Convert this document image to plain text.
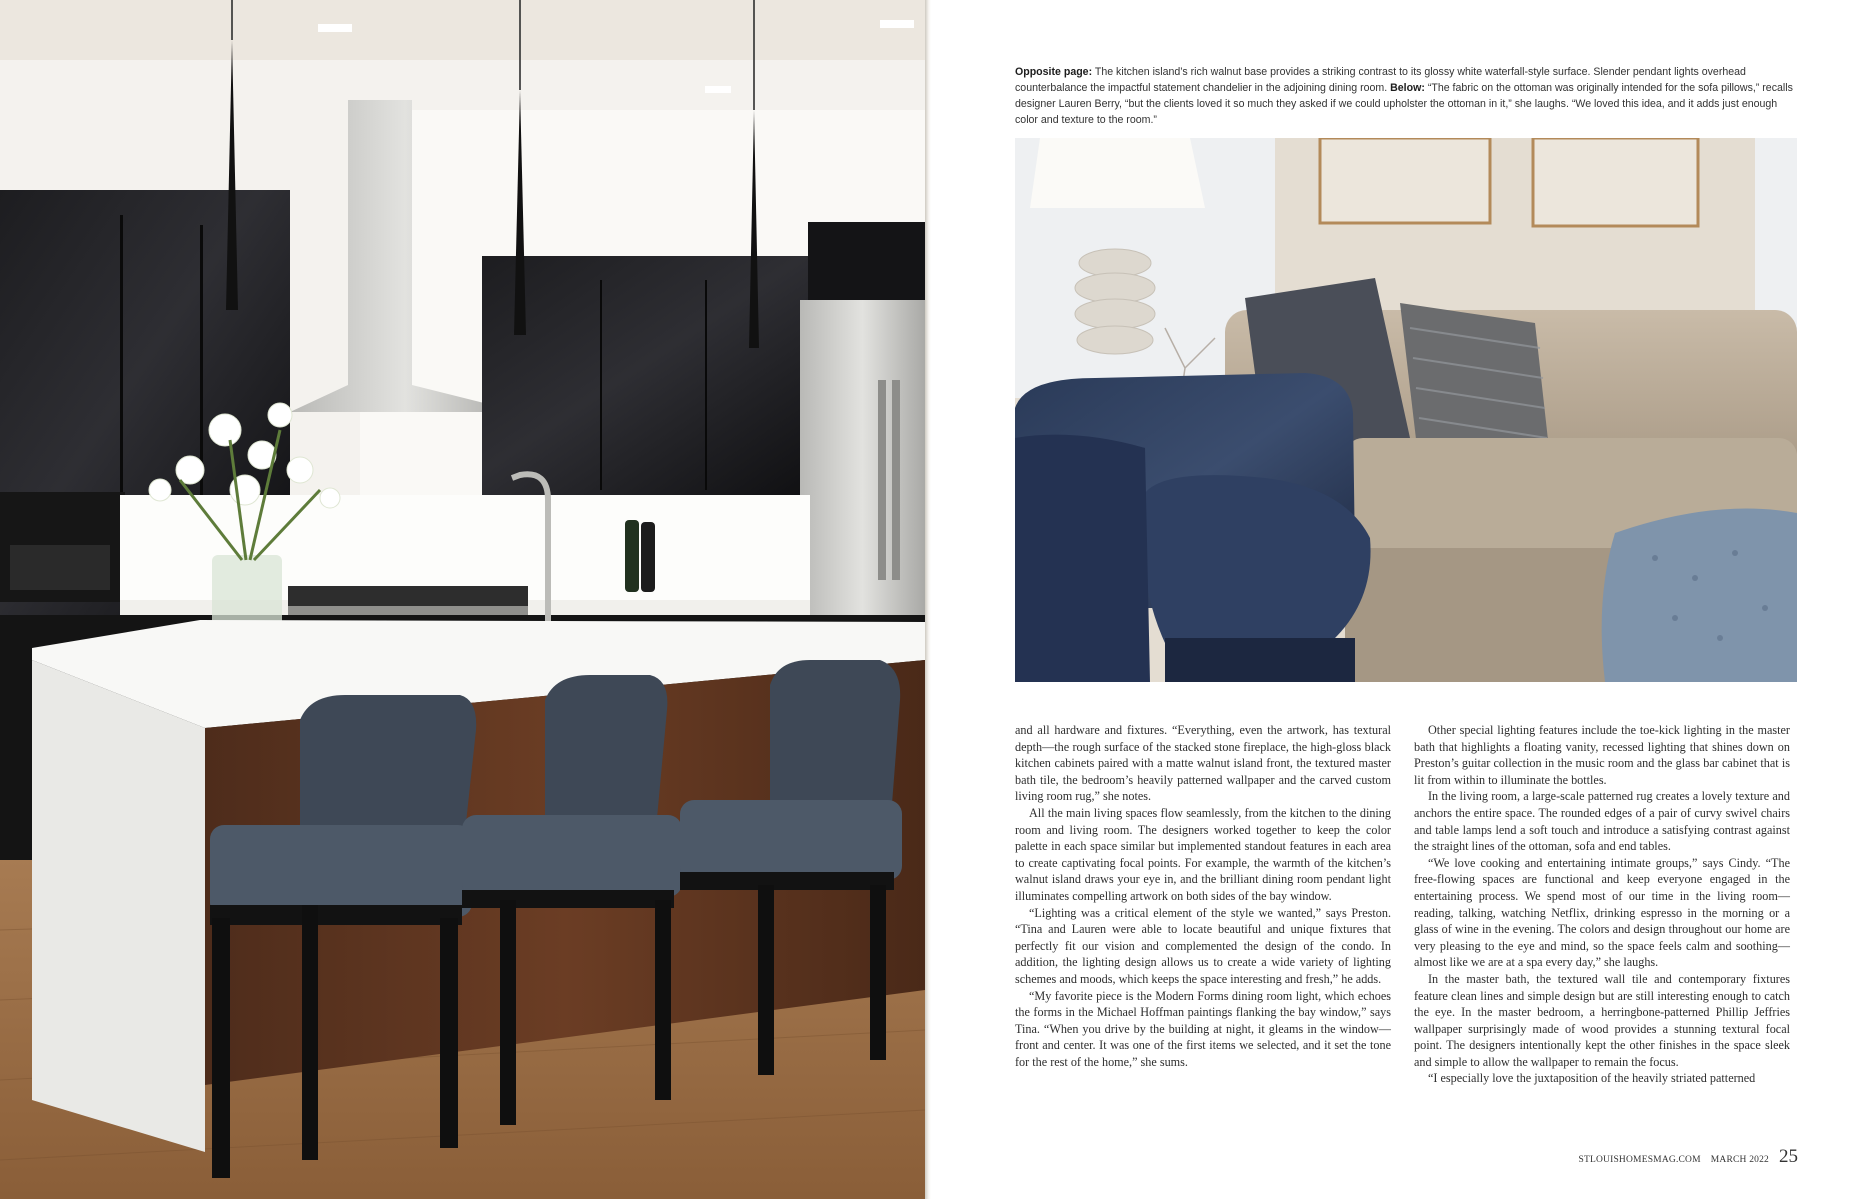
Opposite page: The kitchen island’s rich walnut base provides a striking contrast to its glossy white waterfall-style surface. Slender pendant lights overhead counterbalance the impactful statement chandelier in the adjoining dining room. Below: “The fabric on the ottoman was originally intended for the sofa pillows,” recalls designer Lauren Berry, “but the clients loved it so much they asked if we could upholster the ottoman in it,” she laughs. “We loved this idea, and it adds just enough color and texture to the room.”

and all hardware and fixtures. “Everything, even the artwork, has textural depth—the rough surface of the stacked stone fireplace, the high-gloss black kitchen cabinets paired with a matte walnut island front, the textured master bath tile, the bedroom’s heavily patterned wallpaper and the carved custom living room rug,” she notes.

All the main living spaces flow seamlessly, from the kitchen to the dining room and living room. The designers worked together to keep the color palette in each space similar but implemented standout features in each area to create captivating focal points. For example, the warmth of the kitchen’s walnut island draws your eye in, and the brilliant dining room pendant light illuminates compelling artwork on both sides of the bay window.

“Lighting was a critical element of the style we wanted,” says Preston. “Tina and Lauren were able to locate beautiful and unique fixtures that perfectly fit our vision and complemented the design of the condo. In addition, the lighting design allows us to create a wide variety of lighting schemes and moods, which keeps the space interesting and fresh,” he adds.

“My favorite piece is the Modern Forms dining room light, which echoes the forms in the Michael Hoffman paintings flanking the bay window,” says Tina. “When you drive by the building at night, it gleams in the window—front and center. It was one of the first items we selected, and it set the tone for the rest of the home,” she sums.

Other special lighting features include the toe-kick lighting in the master bath that highlights a floating vanity, recessed lighting that shines down on Preston’s guitar collection in the music room and the glass bar cabinet that is lit from within to illuminate the bottles.

In the living room, a large-scale patterned rug creates a lovely texture and anchors the entire space. The rounded edges of a pair of curvy swivel chairs and table lamps lend a soft touch and introduce a satisfying contrast against the straight lines of the ottoman, sofa and end tables.

“We love cooking and entertaining intimate groups,” says Cindy. “The free-flowing spaces are functional and keep everyone engaged in the entertaining process. We spend most of our time in the living room—reading, talking, watching Netflix, drinking espresso in the morning or a glass of wine in the evening. The colors and design throughout our home are very pleasing to the eye and mind, so the space feels calm and soothing—almost like we are at a spa every day,” she laughs.

In the master bath, the textured wall tile and contemporary fixtures feature clean lines and simple design but are still interesting enough to catch the eye. In the master bedroom, a herringbone-patterned Phillip Jeffries wallpaper surprisingly made of wood provides a stunning textural focal point. The designers intentionally kept the other finishes in the space sleek and simple to allow the wallpaper to remain the focus.

“I especially love the juxtaposition of the heavily striated patterned

STLOUISHOMESMAG.COM MARCH 2022 25
